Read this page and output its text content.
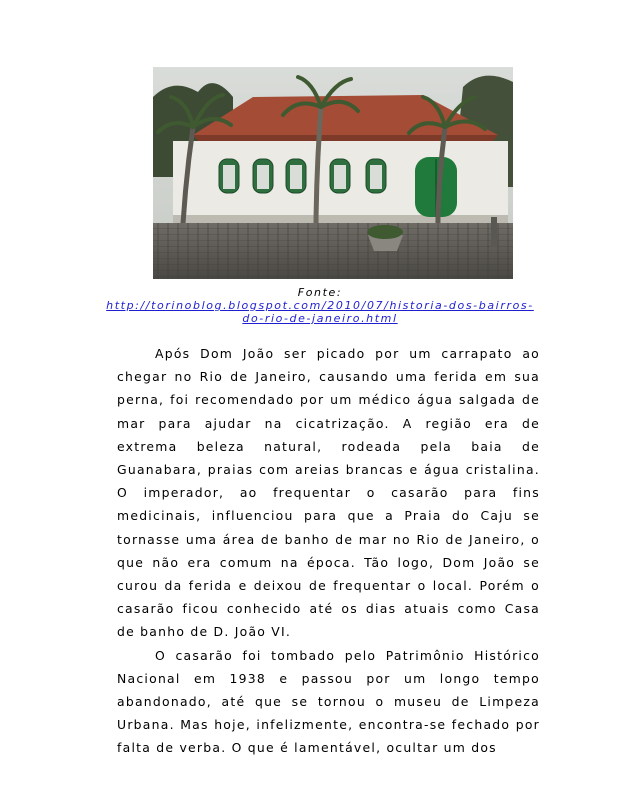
Fonte:
http://torinoblog.blogspot.com/2010/07/historia-dos-bairros-do-rio-de-janeiro.html

Após Dom João ser picado por um carrapato ao chegar no Rio de Janeiro, causando uma ferida em sua perna, foi recomendado por um médico água salgada de mar para ajudar na cicatrização. A região era de extrema beleza natural, rodeada pela baia de Guanabara, praias com areias brancas e água cristalina. O imperador, ao frequentar o casarão para fins medicinais, influenciou para que a Praia do Caju se tornasse uma área de banho de mar no Rio de Janeiro, o que não era comum na época. Tão logo, Dom João se curou da ferida e deixou de frequentar o local. Porém o casarão ficou conhecido até os dias atuais como Casa de banho de D. João VI.

O casarão foi tombado pelo Patrimônio Histórico Nacional em 1938 e passou por um longo tempo abandonado, até que se tornou o museu de Limpeza Urbana. Mas hoje, infelizmente, encontra-se fechado por falta de verba. O que é lamentável, ocultar um dos
